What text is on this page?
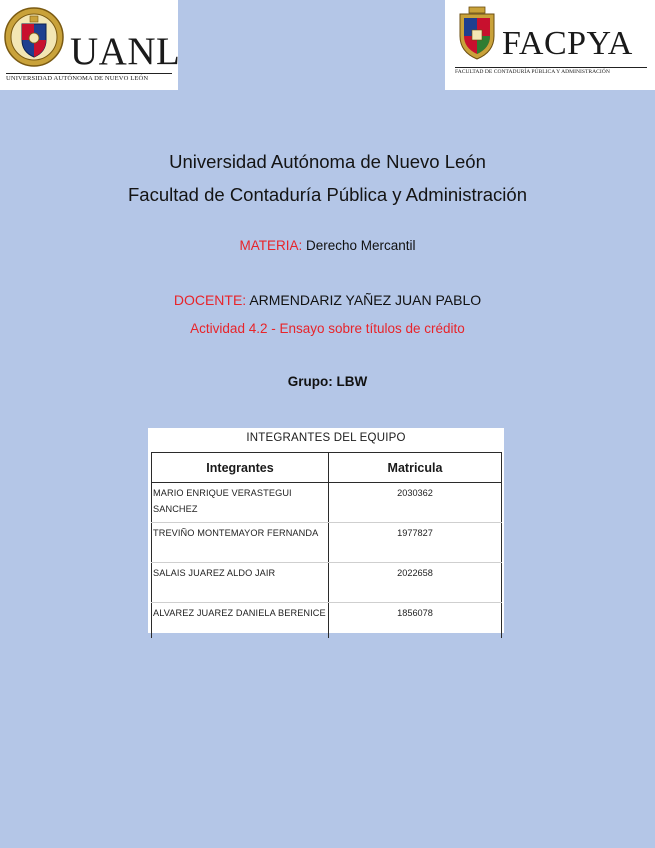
UANL
UNIVERSIDAD AUTÓNOMA DE NUEVO LEÓN
FACPYA
FACULTAD DE CONTADURÍA PÚBLICA Y ADMINISTRACIÓN
Universidad Autónoma de Nuevo León
Facultad de Contaduría Pública y Administración
MATERIA: Derecho Mercantil
DOCENTE: ARMENDARIZ YAÑEZ JUAN PABLO
Actividad 4.2 - Ensayo sobre títulos de crédito
Grupo: LBW
INTEGRANTES DEL EQUIPO
Integrantes	Matricula
MARIO ENRIQUE VERASTEGUI SANCHEZ	2030362
TREVIÑO MONTEMAYOR FERNANDA	1977827
SALAIS JUAREZ ALDO JAIR	2022658
ALVAREZ JUAREZ DANIELA BERENICE	1856078
